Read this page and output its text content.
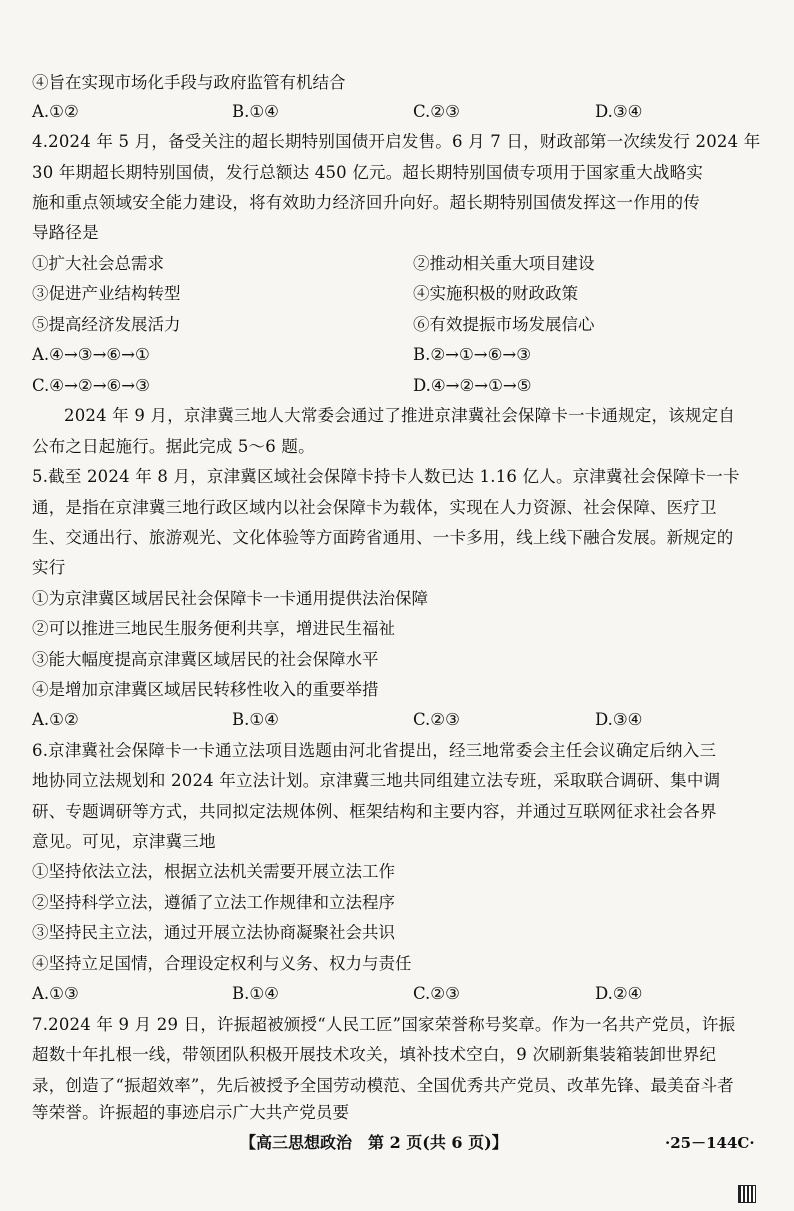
④旨在实现市场化手段与政府监管有机结合
A.①②	B.①④	C.②③	D.③④
4.2024 年 5 月，备受关注的超长期特别国债开启发售。6 月 7 日，财政部第一次续发行 2024 年
30 年期超长期特别国债，发行总额达 450 亿元。超长期特别国债专项用于国家重大战略实
施和重点领域安全能力建设，将有效助力经济回升向好。超长期特别国债发挥这一作用的传
导路径是
①扩大社会总需求	②推动相关重大项目建设
③促进产业结构转型	④实施积极的财政政策
⑤提高经济发展活力	⑥有效提振市场发展信心
A.④→③→⑥→①	B.②→①→⑥→③
C.④→②→⑥→③	D.④→②→①→⑤
2024 年 9 月，京津冀三地人大常委会通过了推进京津冀社会保障卡一卡通规定，该规定自
公布之日起施行。据此完成 5～6 题。
5.截至 2024 年 8 月，京津冀区域社会保障卡持卡人数已达 1.16 亿人。京津冀社会保障卡一卡
通，是指在京津冀三地行政区域内以社会保障卡为载体，实现在人力资源、社会保障、医疗卫
生、交通出行、旅游观光、文化体验等方面跨省通用、一卡多用，线上线下融合发展。新规定的
实行
①为京津冀区域居民社会保障卡一卡通用提供法治保障
②可以推进三地民生服务便利共享，增进民生福祉
③能大幅度提高京津冀区域居民的社会保障水平
④是增加京津冀区域居民转移性收入的重要举措
A.①②	B.①④	C.②③	D.③④
6.京津冀社会保障卡一卡通立法项目选题由河北省提出，经三地常委会主任会议确定后纳入三
地协同立法规划和 2024 年立法计划。京津冀三地共同组建立法专班，采取联合调研、集中调
研、专题调研等方式，共同拟定法规体例、框架结构和主要内容，并通过互联网征求社会各界
意见。可见，京津冀三地
①坚持依法立法，根据立法机关需要开展立法工作
②坚持科学立法，遵循了立法工作规律和立法程序
③坚持民主立法，通过开展立法协商凝聚社会共识
④坚持立足国情，合理设定权利与义务、权力与责任
A.①③	B.①④	C.②③	D.②④
7.2024 年 9 月 29 日，许振超被颁授“人民工匠”国家荣誉称号奖章。作为一名共产党员，许振
超数十年扎根一线，带领团队积极开展技术攻关，填补技术空白，9 次刷新集装箱装卸世界纪
录，创造了“振超效率”，先后被授予全国劳动模范、全国优秀共产党员、改革先锋、最美奋斗者
等荣誉。许振超的事迹启示广大共产党员要
【高三思想政治　第 2 页(共 6 页)】	·25－144C·
